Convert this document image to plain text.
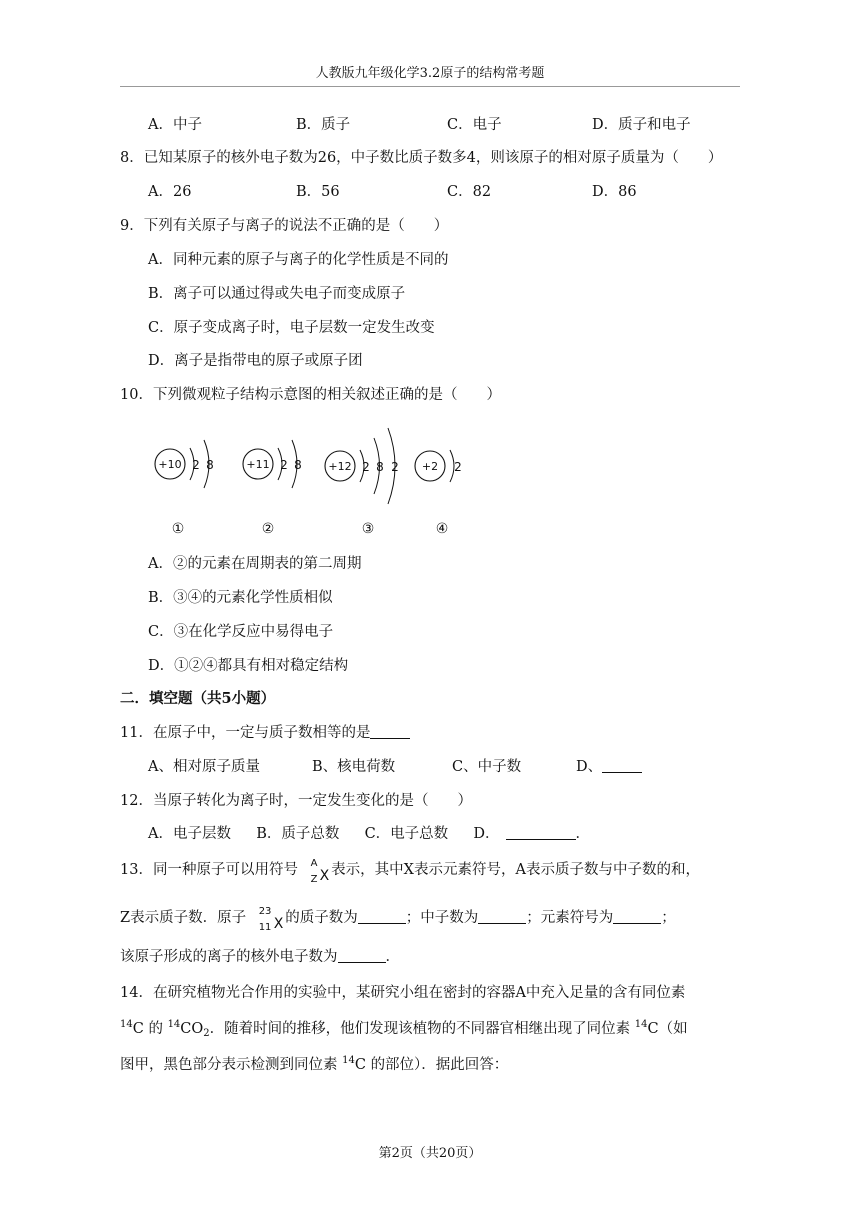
人教版九年级化学3.2原子的结构常考题
A．中子	B．质子	C．电子	D．质子和电子
8．已知某原子的核外电子数为26，中子数比质子数多4，则该原子的相对原子质量为（　　）
A．26	B．56	C．82	D．86
9．下列有关原子与离子的说法不正确的是（　　）
A．同种元素的原子与离子的化学性质是不同的
B．离子可以通过得或失电子而变成原子
C．原子变成离子时，电子层数一定发生改变
D．离子是指带电的原子或原子团
10．下列微观粒子结构示意图的相关叙述正确的是（　　）
+10 2 8
①
+11 2 8
②
+12 2 8 2
③
+2 2
④
A．②的元素在周期表的第二周期
B．③④的元素化学性质相似
C．③在化学反应中易得电子
D．①②④都具有相对稳定结构
二．填空题（共5小题）
11．在原子中，一定与质子数相等的是
A、相对原子质量	B、核电荷数	C、中子数	D、
12．当原子转化为离子时，一定发生变化的是（　　）
A．电子层数 B．质子总数 C．电子总数 D．	．
13．同一种原子可以用符号 A
Z X 表示，其中X表示元素符号，A表示质子数与中子数的和，
Z表示质子数．原子 23
11 X 的质子数为	；中子数为	；元素符号为	；
该原子形成的离子的核外电子数为	．
14．在研究植物光合作用的实验中，某研究小组在密封的容器A中充入足量的含有同位素
$^{14}$C 的 $^{14}CO_2$．随着时间的推移，他们发现该植物的不同器官相继出现了同位素 $^{14}$C（如
图甲，黑色部分表示检测到同位素 $^{14}$C 的部位）．据此回答：
第2页（共20页）
